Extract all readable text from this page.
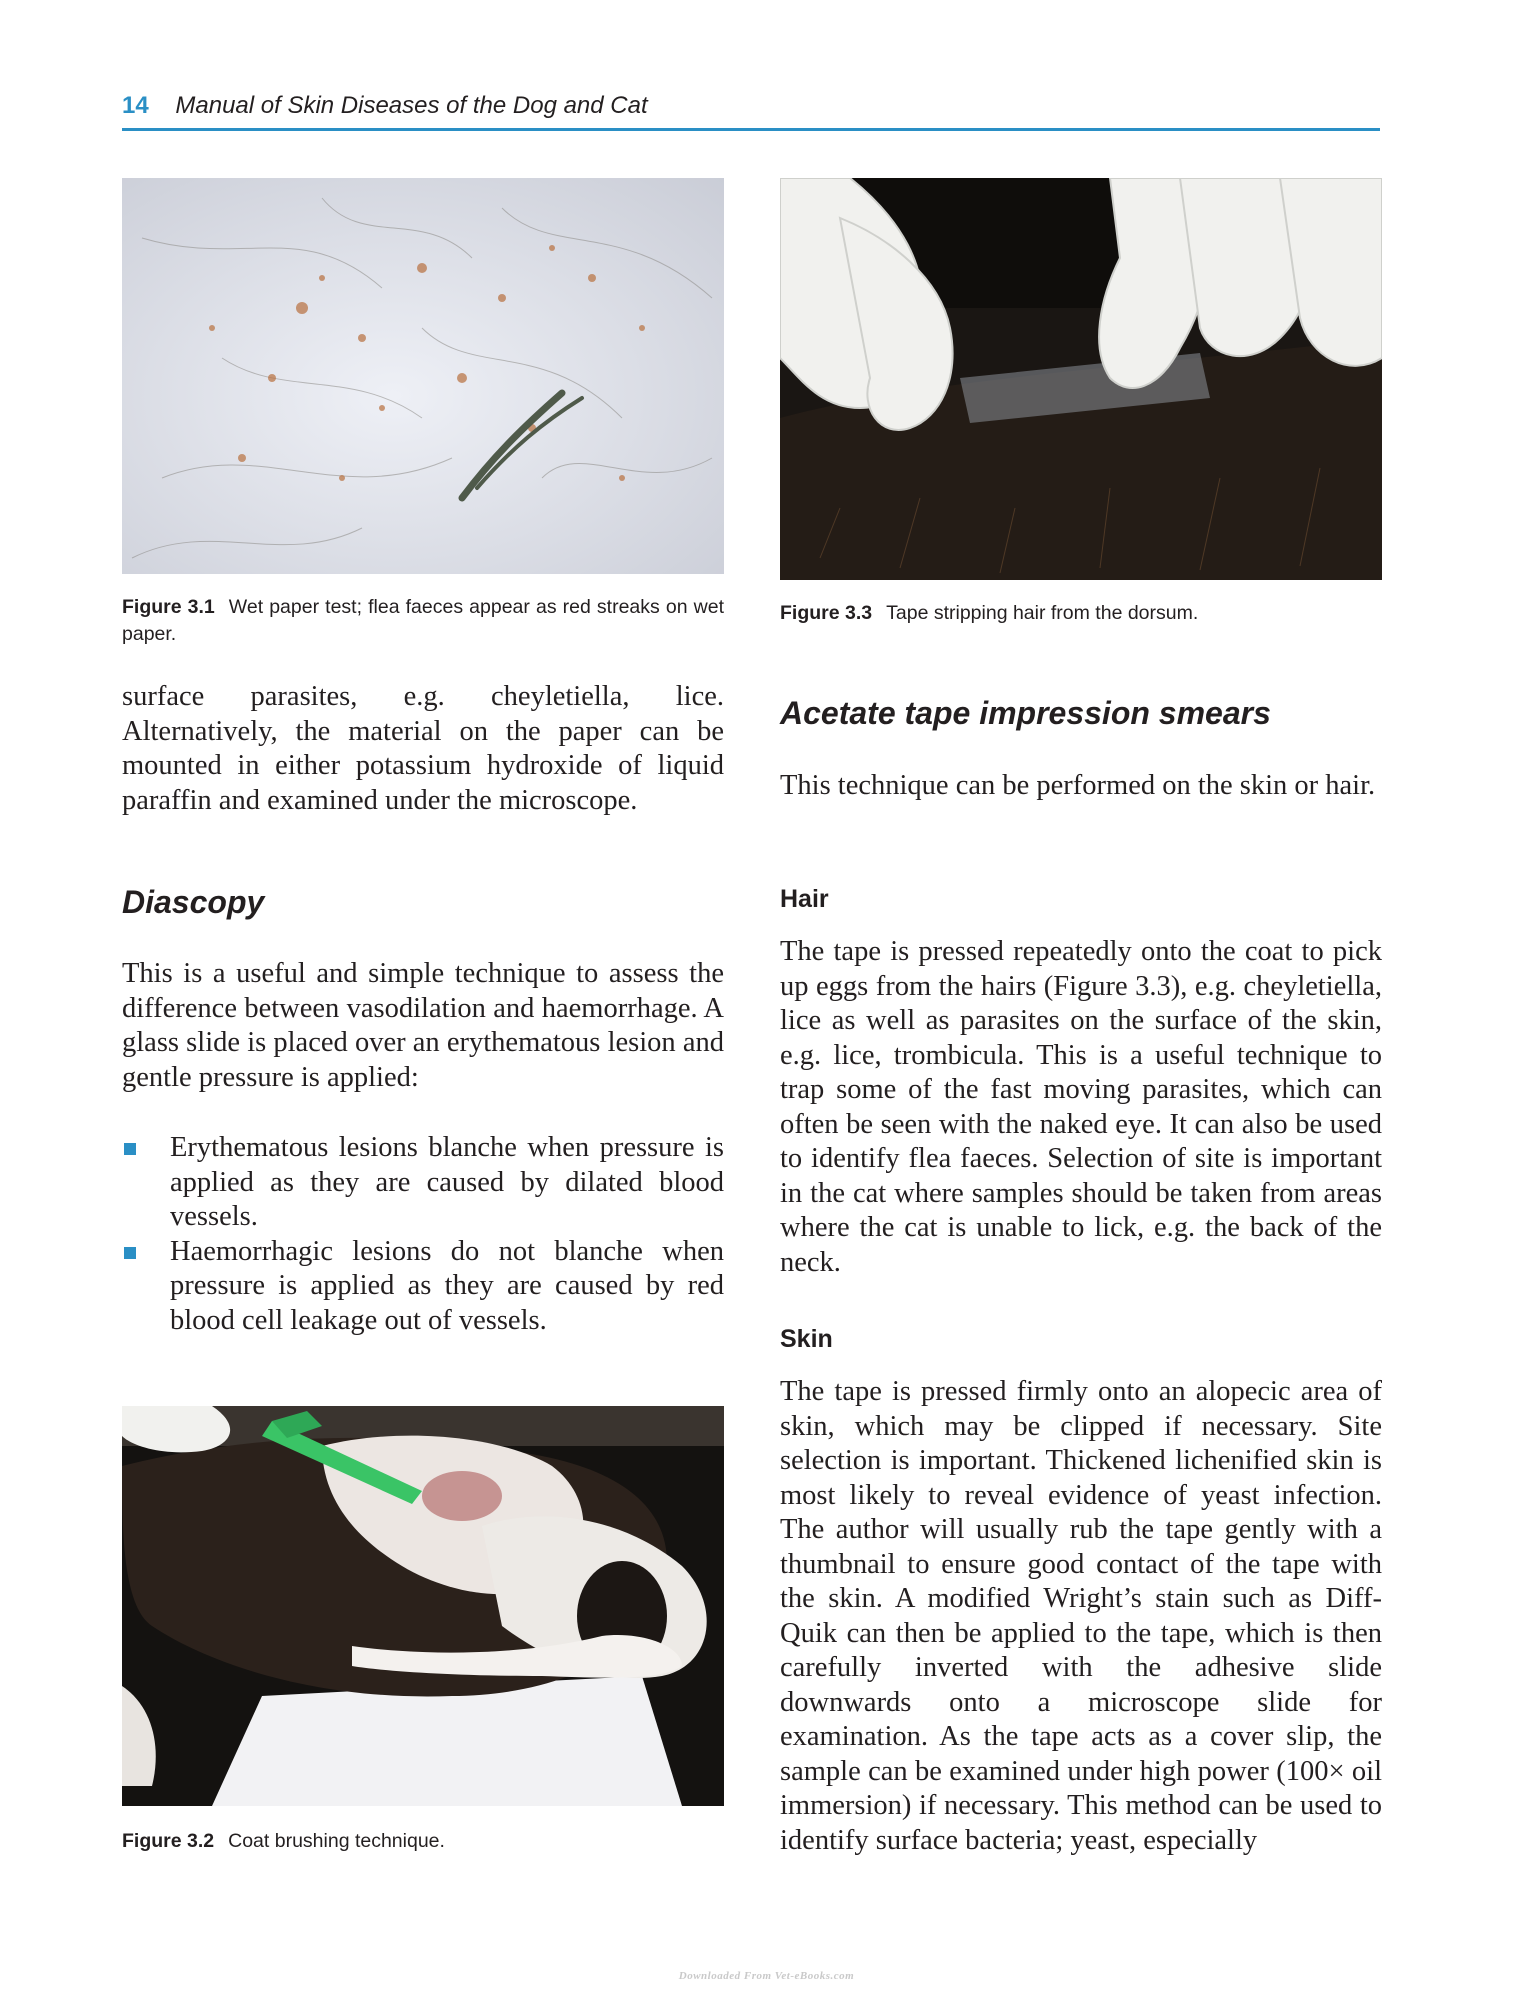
14 Manual of Skin Diseases of the Dog and Cat
Figure 3.1 Wet paper test; flea faeces appear as red streaks on wet paper.
Figure 3.3 Tape stripping hair from the dorsum.

surface parasites, e.g. cheyletiella, lice. Alternatively, the material on the paper can be mounted in either potassium hydroxide of liquid paraffin and examined under the microscope.

Diascopy

This is a useful and simple technique to assess the difference between vasodilation and haemorrhage. A glass slide is placed over an erythematous lesion and gentle pressure is applied:

Erythematous lesions blanche when pressure is applied as they are caused by dilated blood vessels.
Haemorrhagic lesions do not blanche when pressure is applied as they are caused by red blood cell leakage out of vessels.
Figure 3.2 Coat brushing technique.
Acetate tape impression smears

This technique can be performed on the skin or hair.

Hair

The tape is pressed repeatedly onto the coat to pick up eggs from the hairs (Figure 3.3), e.g. cheyletiella, lice as well as parasites on the surface of the skin, e.g. lice, trombicula. This is a useful technique to trap some of the fast moving parasites, which can often be seen with the naked eye. It can also be used to identify flea faeces. Selection of site is important in the cat where samples should be taken from areas where the cat is unable to lick, e.g. the back of the neck.

Skin

The tape is pressed firmly onto an alopecic area of skin, which may be clipped if necessary. Site selection is important. Thickened lichenified skin is most likely to reveal evidence of yeast infection. The author will usually rub the tape gently with a thumbnail to ensure good contact of the tape with the skin. A modified Wright’s stain such as Diff-Quik can then be applied to the tape, which is then carefully inverted with the adhesive slide downwards onto a microscope slide for examination. As the tape acts as a cover slip, the sample can be examined under high power (100× oil immersion) if necessary. This method can be used to identify surface bacteria; yeast, especially

Downloaded From Vet-eBooks.com
